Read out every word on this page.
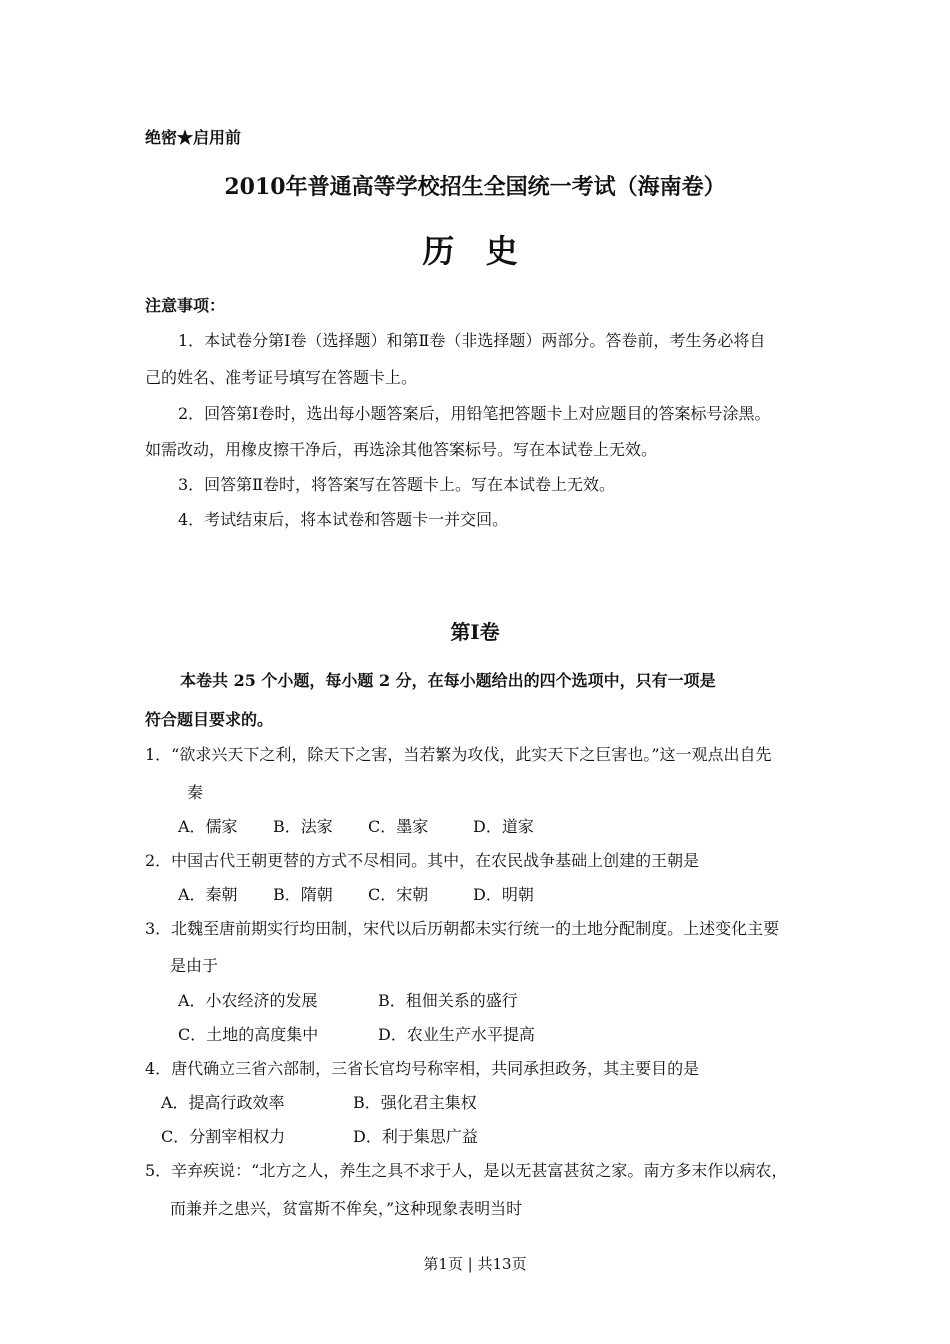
绝密★启用前
2010年普通高等学校招生全国统一考试（海南卷）
历 史
注意事项：
1．本试卷分第Ⅰ卷（选择题）和第Ⅱ卷（非选择题）两部分。答卷前，考生务必将自
己的姓名、准考证号填写在答题卡上。
2．回答第Ⅰ卷时，选出每小题答案后，用铅笔把答题卡上对应题目的答案标号涂黑。
如需改动，用橡皮擦干净后，再选涂其他答案标号。写在本试卷上无效。
3．回答第Ⅱ卷时，将答案写在答题卡上。写在本试卷上无效。
4．考试结束后，将本试卷和答题卡一并交回。
第Ⅰ卷
本卷共 25 个小题，每小题 2 分，在每小题给出的四个选项中，只有一项是
符合题目要求的。
1．“欲求兴天下之利，除天下之害，当若繁为攻伐，此实天下之巨害也。”这一观点出自先
秦
A．儒家 B．法家 C．墨家	D．道家
2．中国古代王朝更替的方式不尽相同。其中，在农民战争基础上创建的王朝是
A．秦朝 B．隋朝 C．宋朝	D．明朝
3．北魏至唐前期实行均田制，宋代以后历朝都未实行统一的土地分配制度。上述变化主要
是由于
A．小农经济的发展	B．租佃关系的盛行
C．土地的高度集中	D．农业生产水平提高
4．唐代确立三省六部制，三省长官均号称宰相，共同承担政务，其主要目的是
A．提高行政效率	B．强化君主集权
C．分割宰相权力	D．利于集思广益
5．辛弃疾说：“北方之人，养生之具不求于人，是以无甚富甚贫之家。南方多末作以病农，
而兼并之患兴，贫富斯不侔矣，”这种现象表明当时
第1页 | 共13页
